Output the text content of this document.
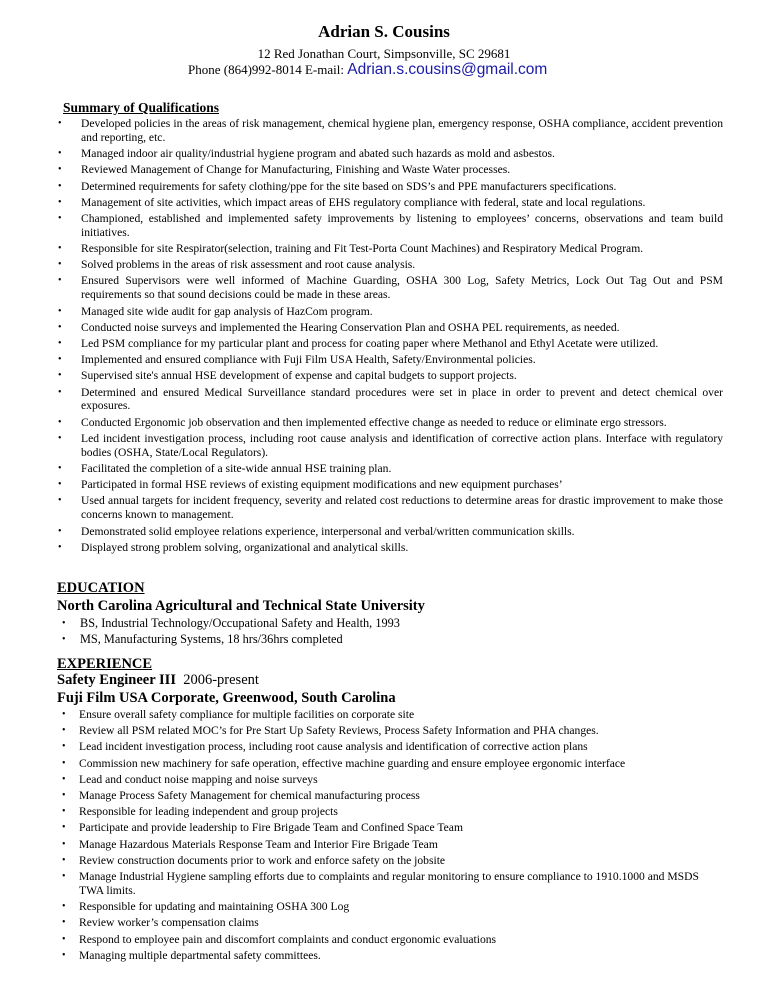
Adrian S. Cousins
12 Red Jonathan Court, Simpsonville, SC 29681
Phone (864)992-8014 E-mail: Adrian.s.cousins@gmail.com
Summary of Qualifications
• Developed policies in the areas of risk management, chemical hygiene plan, emergency response, OSHA compliance, accident prevention and reporting, etc.
• Managed indoor air quality/industrial hygiene program and abated such hazards as mold and asbestos.
• Reviewed Management of Change for Manufacturing, Finishing and Waste Water processes.
• Determined requirements for safety clothing/ppe for the site based on SDS’s and PPE manufacturers specifications.
• Management of site activities, which impact areas of EHS regulatory compliance with federal, state and local regulations.
• Championed, established and implemented safety improvements by listening to employees’ concerns, observations and team build initiatives.
• Responsible for site Respirator(selection, training and Fit Test-Porta Count Machines) and Respiratory Medical Program.
• Solved problems in the areas of risk assessment and root cause analysis.
• Ensured Supervisors were well informed of Machine Guarding, OSHA 300 Log, Safety Metrics, Lock Out Tag Out and PSM requirements so that sound decisions could be made in these areas.
• Managed site wide audit for gap analysis of HazCom program.
• Conducted noise surveys and implemented the Hearing Conservation Plan and OSHA PEL requirements, as needed.
• Led PSM compliance for my particular plant and process for coating paper where Methanol and Ethyl Acetate were utilized.
• Implemented and ensured compliance with Fuji Film USA Health, Safety/Environmental policies.
• Supervised site's annual HSE development of expense and capital budgets to support projects.
• Determined and ensured Medical Surveillance standard procedures were set in place in order to prevent and detect chemical over exposures.
• Conducted Ergonomic job observation and then implemented effective change as needed to reduce or eliminate ergo stressors.
• Led incident investigation process, including root cause analysis and identification of corrective action plans. Interface with regulatory bodies (OSHA, State/Local Regulators).
• Facilitated the completion of a site-wide annual HSE training plan.
• Participated in formal HSE reviews of existing equipment modifications and new equipment purchases’
• Used annual targets for incident frequency, severity and related cost reductions to determine areas for drastic improvement to make those concerns known to management.
• Demonstrated solid employee relations experience, interpersonal and verbal/written communication skills.
• Displayed strong problem solving, organizational and analytical skills.
EDUCATION
North Carolina Agricultural and Technical State University
• BS, Industrial Technology/Occupational Safety and Health, 1993
• MS, Manufacturing Systems, 18 hrs/36hrs completed
EXPERIENCE
Safety Engineer III 2006-present
Fuji Film USA Corporate, Greenwood, South Carolina
• Ensure overall safety compliance for multiple facilities on corporate site
• Review all PSM related MOC’s for Pre Start Up Safety Reviews, Process Safety Information and PHA changes.
• Lead incident investigation process, including root cause analysis and identification of corrective action plans
• Commission new machinery for safe operation, effective machine guarding and ensure employee ergonomic interface
• Lead and conduct noise mapping and noise surveys
• Manage Process Safety Management for chemical manufacturing process
• Responsible for leading independent and group projects
• Participate and provide leadership to Fire Brigade Team and Confined Space Team
• Manage Hazardous Materials Response Team and Interior Fire Brigade Team
• Review construction documents prior to work and enforce safety on the jobsite
• Manage Industrial Hygiene sampling efforts due to complaints and regular monitoring to ensure compliance to 1910.1000 and MSDS TWA limits.
• Responsible for updating and maintaining OSHA 300 Log
• Review worker’s compensation claims
• Respond to employee pain and discomfort complaints and conduct ergonomic evaluations
• Managing multiple departmental safety committees.
